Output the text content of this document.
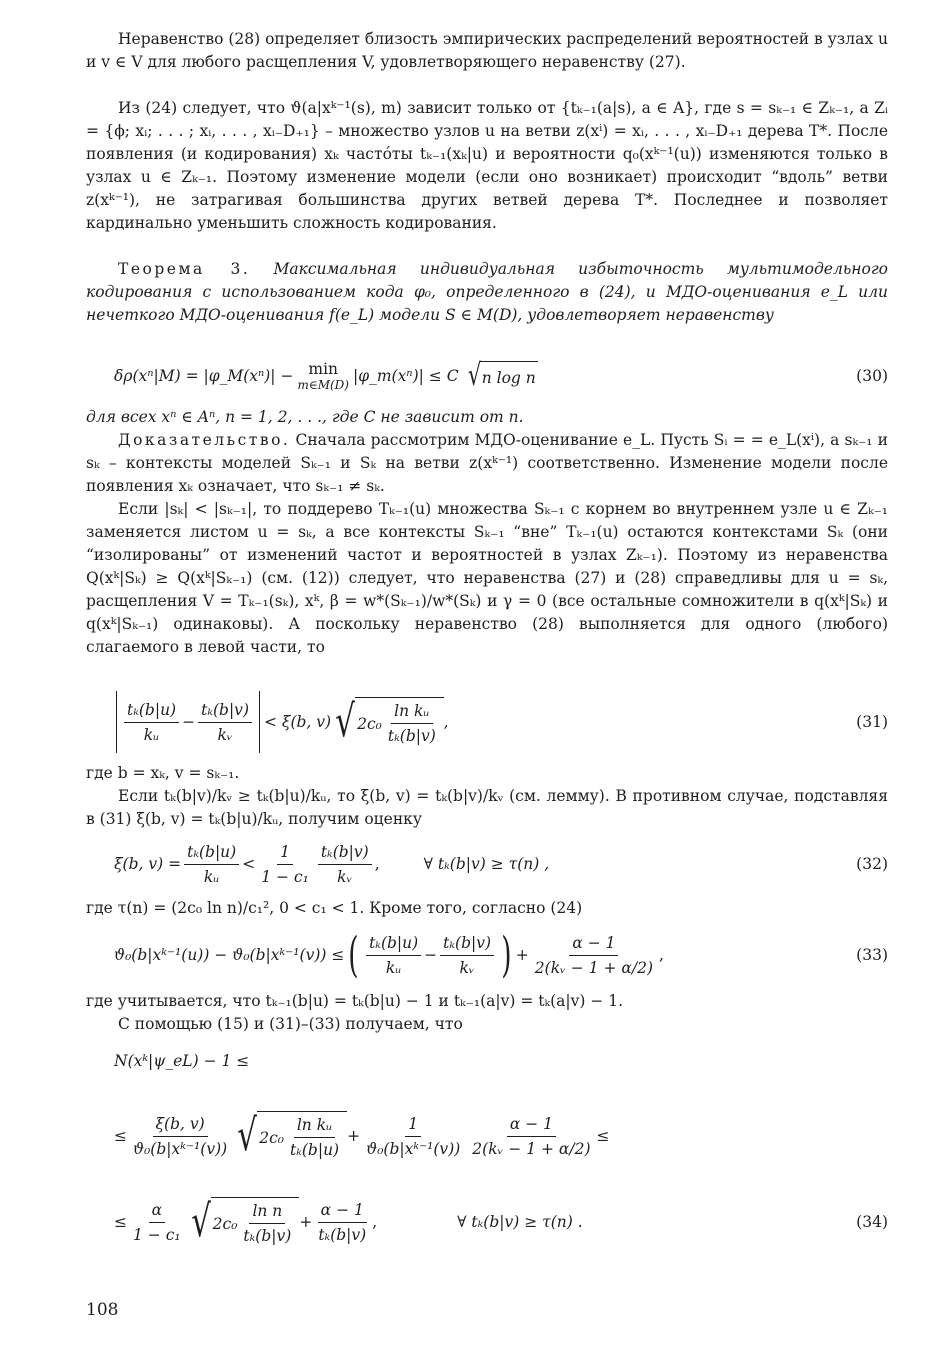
Неравенство (28) определяет близость эмпирических распределений вероятностей в узлах u и v ∈ V для любого расщепления V, удовлетворяющего неравенству (27).

Из (24) следует, что ϑ(a|xᵏ⁻¹(s), m) зависит только от {tₖ₋₁(a|s), a ∈ A}, где s = sₖ₋₁ ∈ Zₖ₋₁, а Zᵢ = {ϕ; xᵢ; . . . ; xᵢ, . . . , xᵢ₋D₊₁} – множество узлов u на ветви z(xⁱ) = xᵢ, . . . , xᵢ₋D₊₁ дерева T*. После появления (и кодирования) xₖ частóты tₖ₋₁(xₖ|u) и вероятности q₀(xᵏ⁻¹(u)) изменяются только в узлах u ∈ Zₖ₋₁. Поэтому изменение модели (если оно возникает) происходит “вдоль” ветви z(xᵏ⁻¹), не затрагивая большинства других ветвей дерева T*. Последнее и позволяет кардинально уменьшить сложность кодирования.

Теорема 3. Максимальная индивидуальная избыточность мультимодельного кодирования с использованием кода φ₀, определенного в (24), и МДО-оценивания e_L или нечеткого МДО-оценивания f(e_L) модели S ∈ M(D), удовлетворяет неравенству

δρ(xⁿ|M) = |φ_M(xⁿ)| − min
m∈M(D) |φ_m(xⁿ)| ≤ C √ n log n	(30)

для всех xⁿ ∈ Aⁿ, n = 1, 2, . . ., где C не зависит от n.

Доказательство. Сначала рассмотрим МДО-оценивание e_L. Пусть Sᵢ = = e_L(xⁱ), а sₖ₋₁ и sₖ – контексты моделей Sₖ₋₁ и Sₖ на ветви z(xᵏ⁻¹) соответственно. Изменение модели после появления xₖ означает, что sₖ₋₁ ≠ sₖ.

Если |sₖ| < |sₖ₋₁|, то поддерево Tₖ₋₁(u) множества Sₖ₋₁ с корнем во внутреннем узле u ∈ Zₖ₋₁ заменяется листом u = sₖ, а все контексты Sₖ₋₁ “вне” Tₖ₋₁(u) остаются контекстами Sₖ (они “изолированы” от изменений частот и вероятностей в узлах Zₖ₋₁). Поэтому из неравенства Q(xᵏ|Sₖ) ≥ Q(xᵏ|Sₖ₋₁) (см. (12)) следует, что неравенства (27) и (28) справедливы для u = sₖ, расщепления V = Tₖ₋₁(sₖ), xᵏ, β = w*(Sₖ₋₁)/w*(Sₖ) и γ = 0 (все остальные сомножители в q(xᵏ|Sₖ) и q(xᵏ|Sₖ₋₁) одинаковы). А поскольку неравенство (28) выполняется для одного (любого) слагаемого в левой части, то

$\frac{\text{tₖ(b|u)}}{\text{kᵤ}} - \frac{\text{tₖ(b|v)}}{\text{kᵥ}} < \xi(b$, v) √ $2c_0 \frac{\text{ln kᵤ}}{\text{tₖ(b|v)}}$ ,	(31)

где b = xₖ, v = sₖ₋₁.

Если tₖ(b|v)/kᵥ ≥ tₖ(b|u)/kᵤ, то ξ(b, v) = tₖ(b|v)/kᵥ (см. лемму). В противном случае, подставляя в (31) ξ(b, v) = tₖ(b|u)/kᵤ, получим оценку

ξ(b, $v) = \frac{\text{tₖ(b|u)}}{\text{kᵤ}} < \frac{1}{\text{1 − c₁}} \frac{\text{tₖ(b|v)}}{\text{kᵥ}}$ ,	∀ tₖ(b|v) ≥ τ(n) ,	(32)

где τ(n) = (2c₀ ln n)/c₁², 0 < c₁ < 1. Кроме того, согласно (24)

ϑ₀(b|xᵏ⁻¹(u)) − ϑ₀(b|xᵏ⁻¹(v)) ≤ ( $\frac{\text{tₖ(b|u)}}{\text{kᵤ}} - \frac{\text{tₖ(b|v)}}{\text{kᵥ}}$ ) + $\frac{\alpha - 1}{\text{2(kᵥ − 1 + α/2)}}$ ,	(33)

где учитывается, что tₖ₋₁(b|u) = tₖ(b|u) − 1 и tₖ₋₁(a|v) = tₖ(a|v) − 1.

С помощью (15) и (31)–(33) получаем, что

N(xᵏ|ψ_eL) − 1 ≤
≤ $\frac{\xi(b, v)}{\text{ϑ₀(b|xᵏ⁻¹(v))}}$ √ $2c_0 \frac{\text{ln kᵤ}}{\text{tₖ(b|u)}} + \frac{1}{\text{ϑ₀(b|xᵏ⁻¹(v))}} \frac{\alpha - 1}{\text{2(kᵥ − 1 + α/2)}}$ ≤
≤ $\frac{\alpha}{\text{1 − c₁}}$ √ $2c_0 \frac{\text{ln n}}{\text{tₖ(b|v)}} + \frac{\alpha - 1}{\text{tₖ(b|v)}}$ ,	∀ tₖ(b|v) ≥ τ(n) .	(34)
108
